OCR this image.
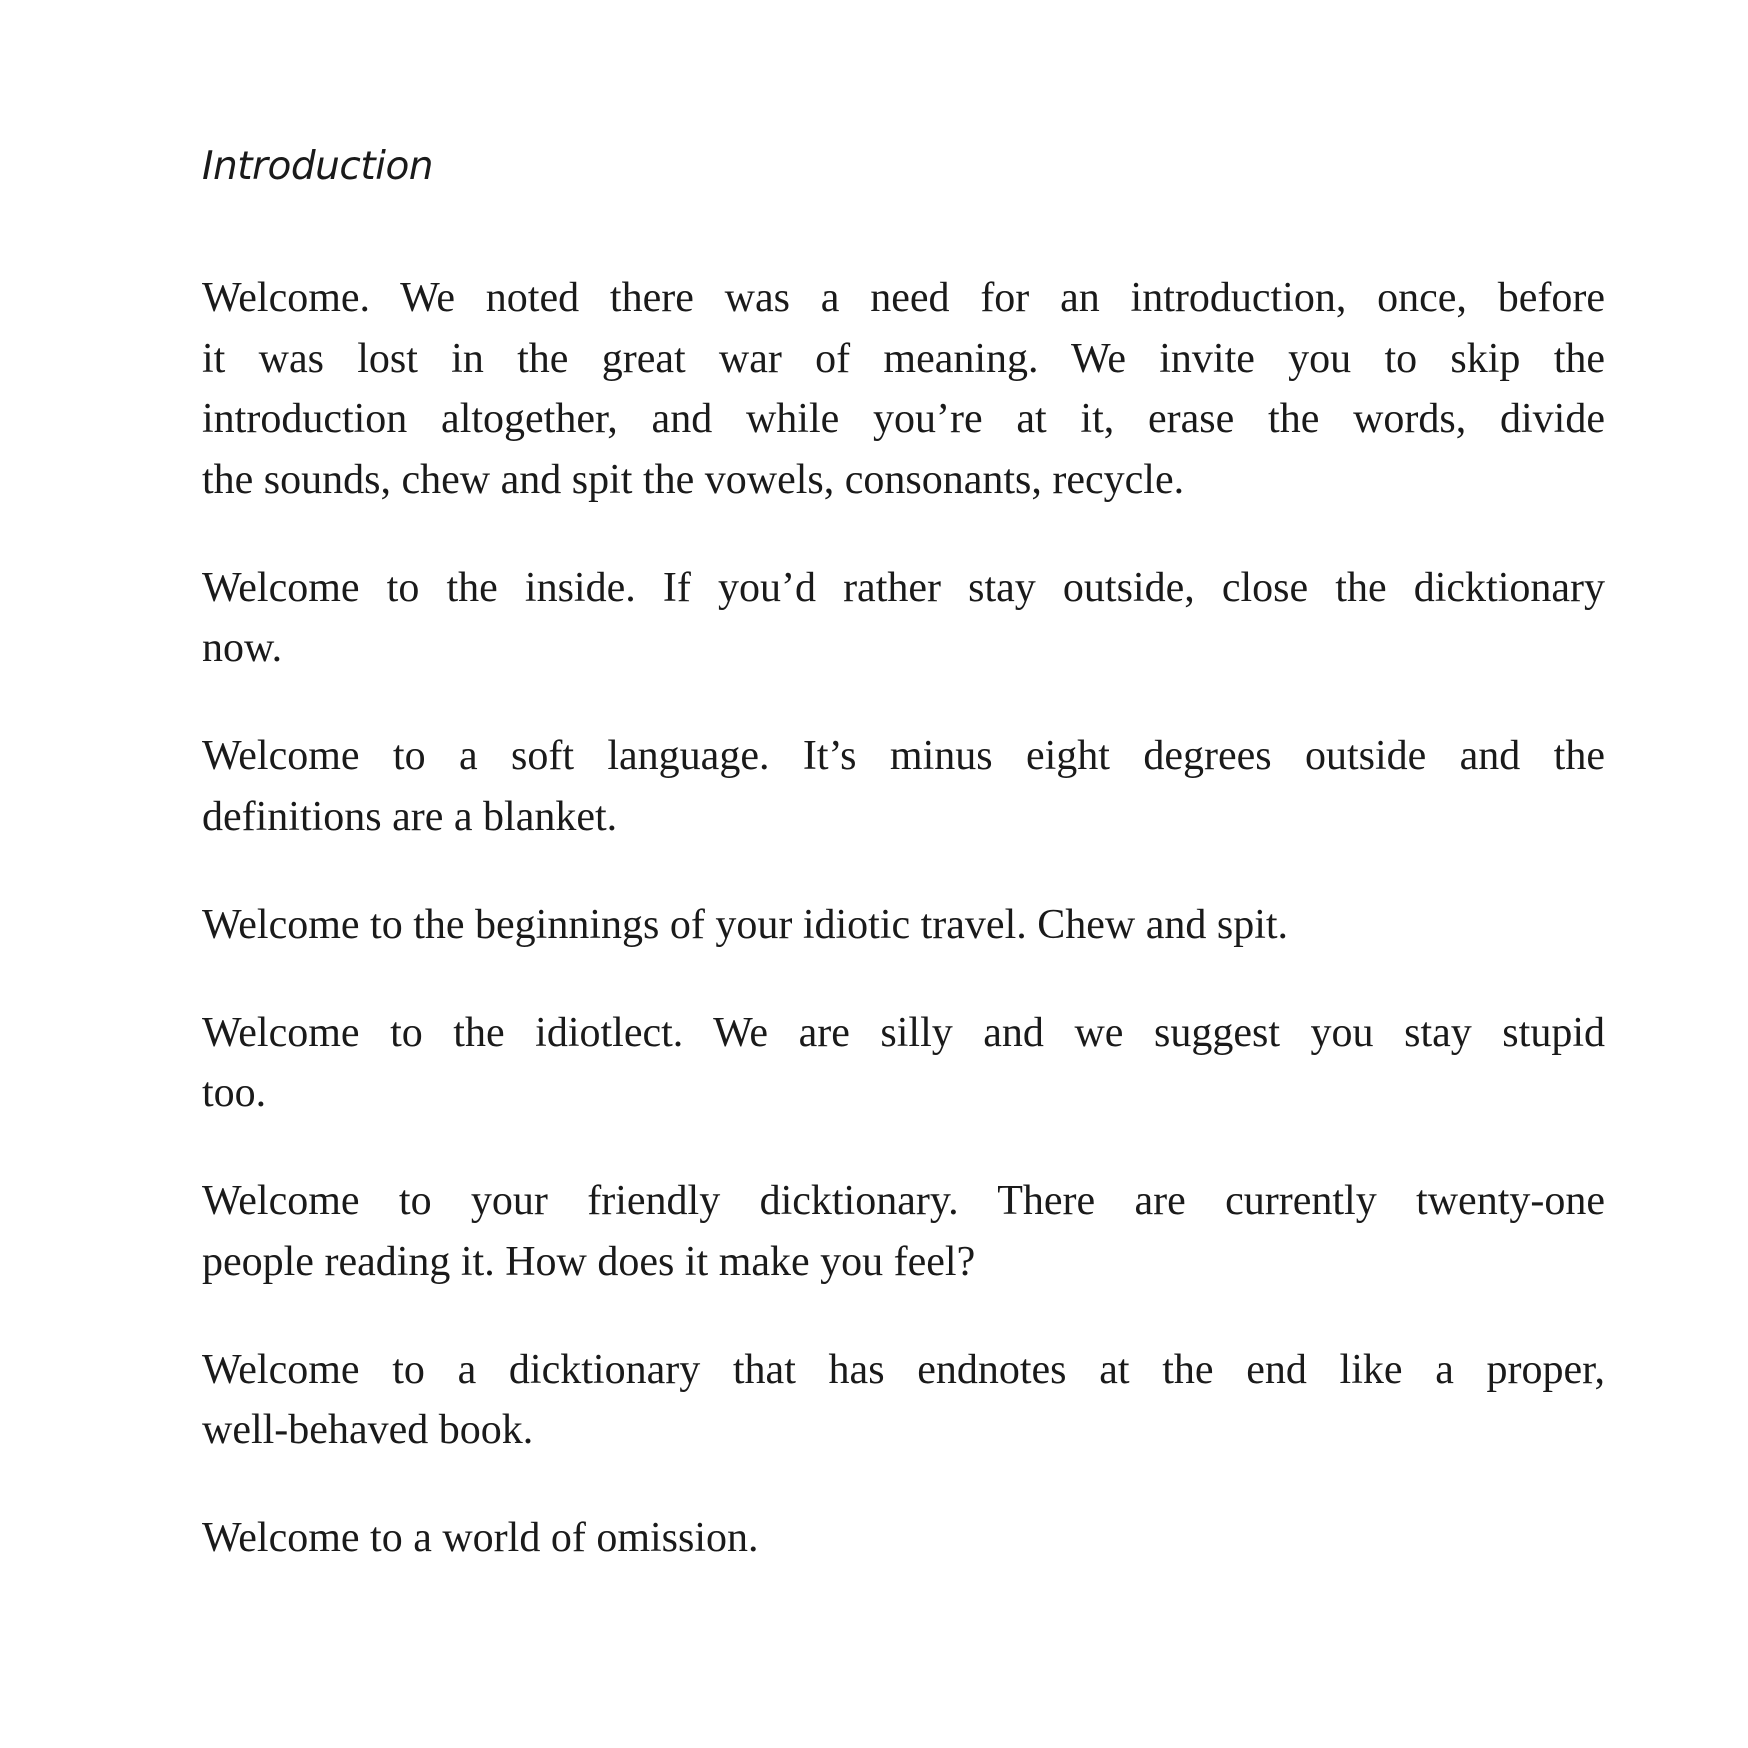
Introduction
Welcome. We noted there was a need for an introduction, once, before
it was lost in the great war of meaning. We invite you to skip the
introduction altogether, and while you’re at it, erase the words, divide
the sounds, chew and spit the vowels, consonants, recycle.
Welcome to the inside. If you’d rather stay outside, close the dicktionary
now.
Welcome to a soft language. It’s minus eight degrees outside and the
definitions are a blanket.
Welcome to the beginnings of your idiotic travel. Chew and spit.
Welcome to the idiotlect. We are silly and we suggest you stay stupid
too.
Welcome to your friendly dicktionary. There are currently twenty-one
people reading it. How does it make you feel?
Welcome to a dicktionary that has endnotes at the end like a proper,
well-behaved book.
Welcome to a world of omission.
